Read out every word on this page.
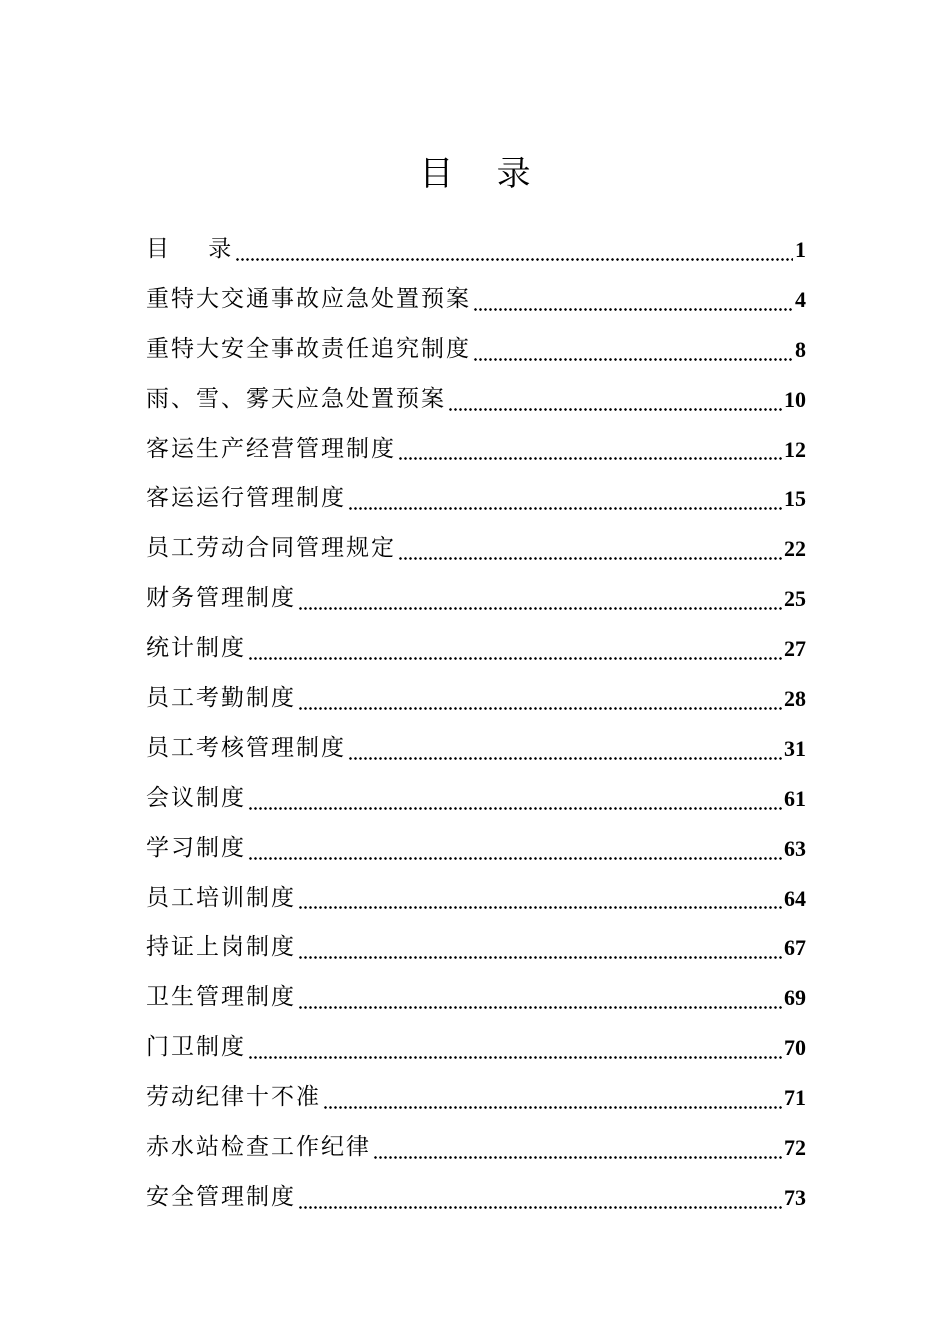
目    录
目    录	1
重特大交通事故应急处置预案	4
重特大安全事故责任追究制度	8
雨、雪、雾天应急处置预案	10
客运生产经营管理制度	12
客运运行管理制度	15
员工劳动合同管理规定	22
财务管理制度	25
统计制度	27
员工考勤制度	28
员工考核管理制度	31
会议制度	61
学习制度	63
员工培训制度	64
持证上岗制度	67
卫生管理制度	69
门卫制度	70
劳动纪律十不准	71
赤水站检查工作纪律	72
安全管理制度	73
